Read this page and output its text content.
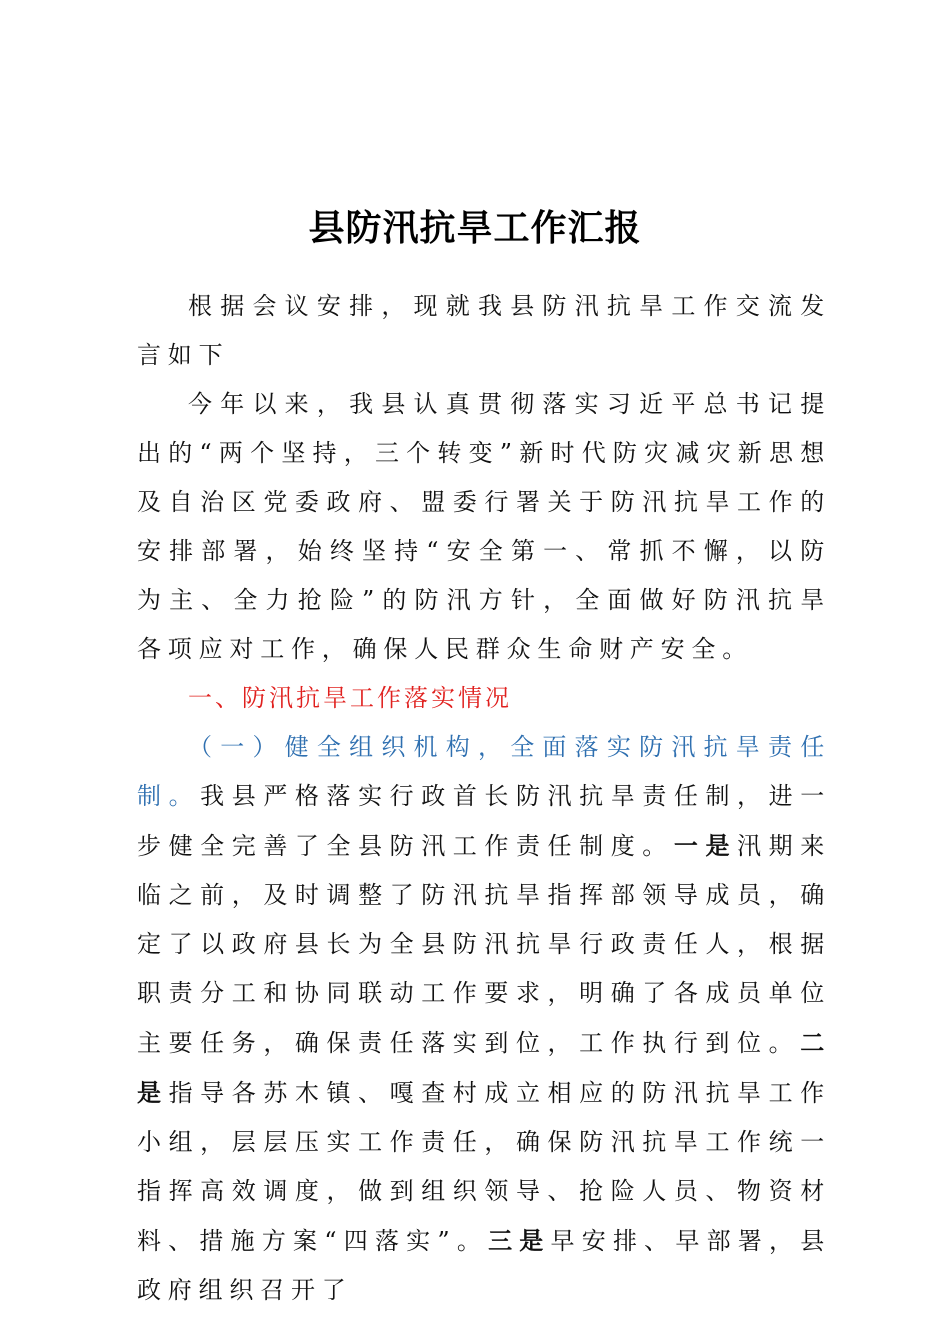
县防汛抗旱工作汇报

根据会议安排，现就我县防汛抗旱工作交流发言如下

今年以来，我县认真贯彻落实习近平总书记提出的“两个坚持，三个转变”新时代防灾减灾新思想及自治区党委政府、盟委行署关于防汛抗旱工作的安排部署，始终坚持“安全第一、常抓不懈，以防为主、全力抢险”的防汛方针，全面做好防汛抗旱各项应对工作，确保人民群众生命财产安全。

一、防汛抗旱工作落实情况

（一）健全组织机构，全面落实防汛抗旱责任制。我县严格落实行政首长防汛抗旱责任制，进一步健全完善了全县防汛工作责任制度。一是汛期来临之前，及时调整了防汛抗旱指挥部领导成员，确定了以政府县长为全县防汛抗旱行政责任人，根据职责分工和协同联动工作要求，明确了各成员单位主要任务，确保责任落实到位，工作执行到位。二是指导各苏木镇、嘎查村成立相应的防汛抗旱工作小组，层层压实工作责任，确保防汛抗旱工作统一指挥高效调度，做到组织领导、抢险人员、物资材料、措施方案“四落实”。三是早安排、早部署，县政府组织召开了
